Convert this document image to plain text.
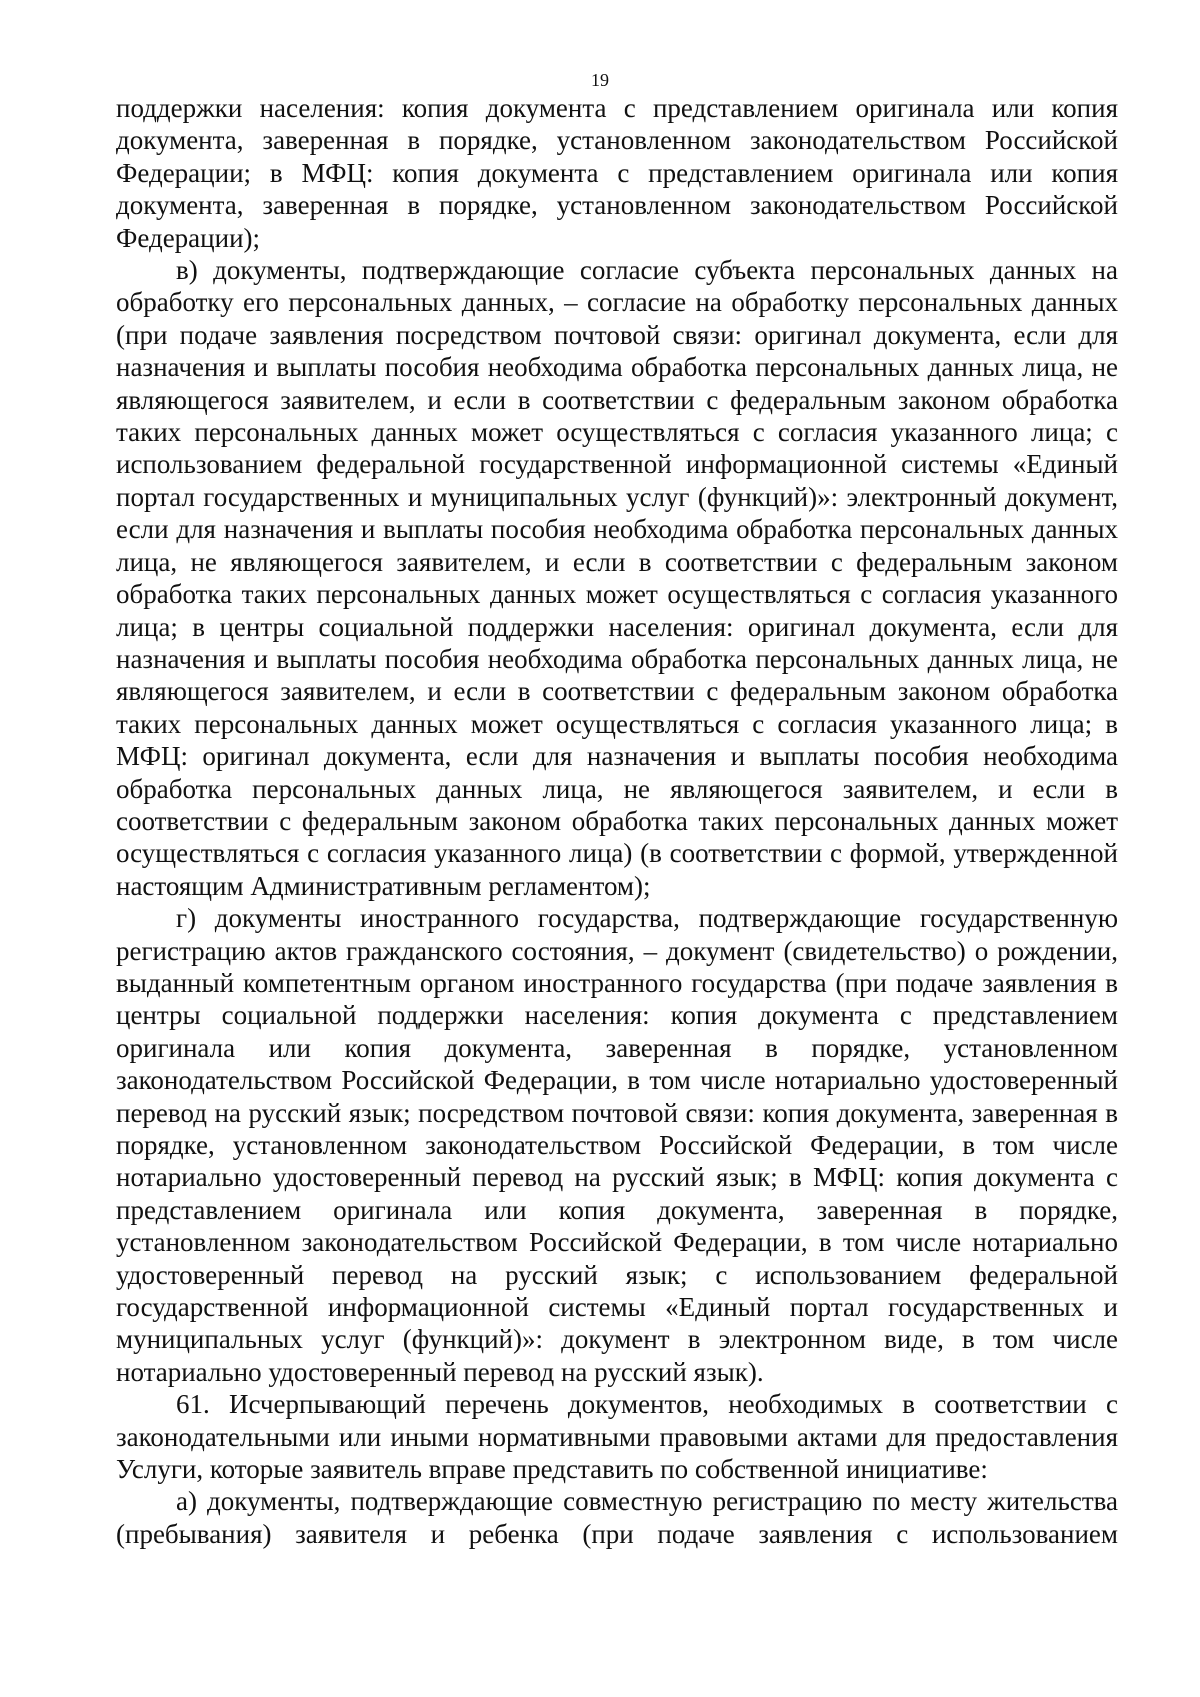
19

поддержки населения: копия документа с представлением оригинала или копия документа, заверенная в порядке, установленном законодательством Российской Федерации; в МФЦ: копия документа с представлением оригинала или копия документа, заверенная в порядке, установленном законодательством Российской Федерации);

в) документы, подтверждающие согласие субъекта персональных данных на обработку его персональных данных, – согласие на обработку персональных данных (при подаче заявления посредством почтовой связи: оригинал документа, если для назначения и выплаты пособия необходима обработка персональных данных лица, не являющегося заявителем, и если в соответствии с федеральным законом обработка таких персональных данных может осуществляться с согласия указанного лица; с использованием федеральной государственной информационной системы «Единый портал государственных и муниципальных услуг (функций)»: электронный документ, если для назначения и выплаты пособия необходима обработка персональных данных лица, не являющегося заявителем, и если в соответствии с федеральным законом обработка таких персональных данных может осуществляться с согласия указанного лица; в центры социальной поддержки населения: оригинал документа, если для назначения и выплаты пособия необходима обработка персональных данных лица, не являющегося заявителем, и если в соответствии с федеральным законом обработка таких персональных данных может осуществляться с согласия указанного лица; в МФЦ: оригинал документа, если для назначения и выплаты пособия необходима обработка персональных данных лица, не являющегося заявителем, и если в соответствии с федеральным законом обработка таких персональных данных может осуществляться с согласия указанного лица) (в соответствии с формой, утвержденной настоящим Административным регламентом);

г) документы иностранного государства, подтверждающие государственную регистрацию актов гражданского состояния, – документ (свидетельство) о рождении, выданный компетентным органом иностранного государства (при подаче заявления в центры социальной поддержки населения: копия документа с представлением оригинала или копия документа, заверенная в порядке, установленном законодательством Российской Федерации, в том числе нотариально удостоверенный перевод на русский язык; посредством почтовой связи: копия документа, заверенная в порядке, установленном законодательством Российской Федерации, в том числе нотариально удостоверенный перевод на русский язык; в МФЦ: копия документа с представлением оригинала или копия документа, заверенная в порядке, установленном законодательством Российской Федерации, в том числе нотариально удостоверенный перевод на русский язык; с использованием федеральной государственной информационной системы «Единый портал государственных и муниципальных услуг (функций)»: документ в электронном виде, в том числе нотариально удостоверенный перевод на русский язык).

61. Исчерпывающий перечень документов, необходимых в соответствии с законодательными или иными нормативными правовыми актами для предоставления Услуги, которые заявитель вправе представить по собственной инициативе:

а) документы, подтверждающие совместную регистрацию по месту жительства (пребывания) заявителя и ребенка (при подаче заявления с использованием
